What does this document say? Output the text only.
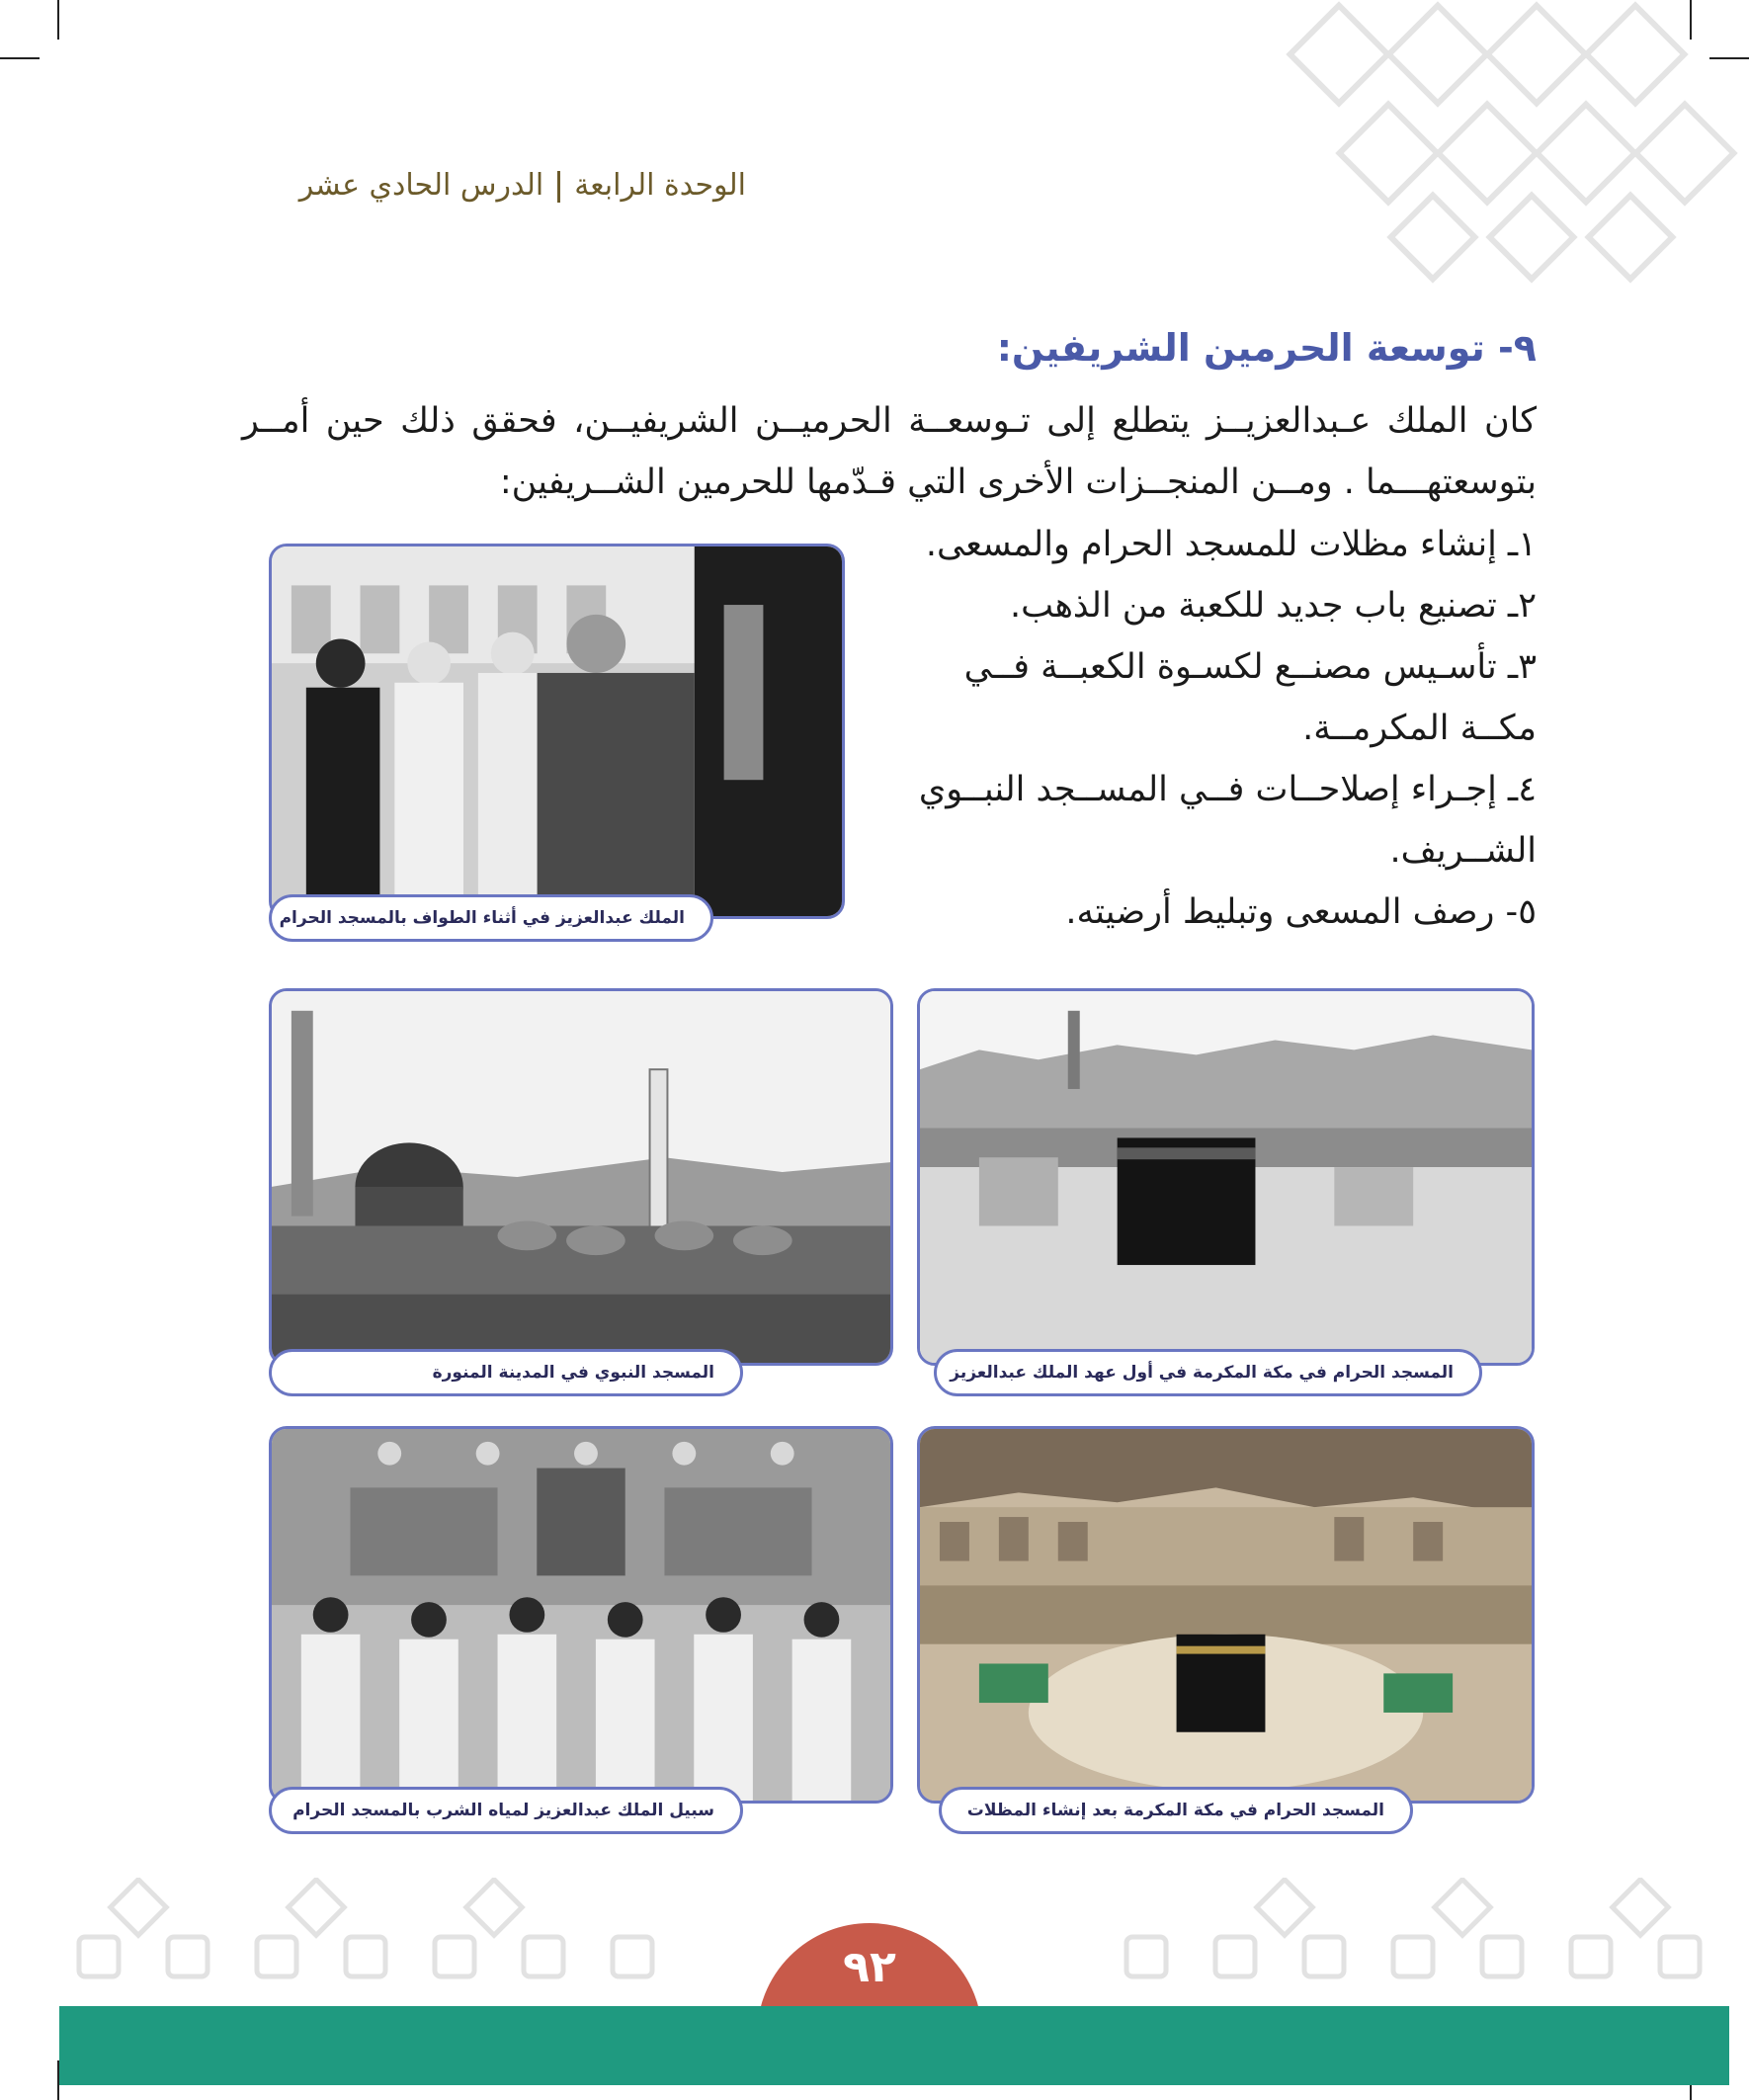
الوحدة الرابعةالدرس الحادي عشر
٩- توسعة الحرمين الشريفين:

كان الملك عـبدالعزيــز يتطلع إلى تـوسعــة الحرميــن الشريفيــن، فحقق ذلك حين أمــر بتوسعتهـــما . ومــن المنجــزات الأخرى التي قـدّمها للحرمين الشــريفين:

١ـ إنشاء مظلات للمسجد الحرام والمسعى.
٢ـ تصنيع باب جديد للكعبة من الذهب.
٣ـ تأسـيس مصنــع لكسـوة الكعبــة فــي مكــة المكرمــة.
٤ـ إجـراء إصلاحــات فــي المســجد النبــوي الشــريف.
٥- رصف المسعى وتبليط أرضيته.
الملك عبدالعزيز في أثناء الطواف بالمسجد الحرام
المسجد الحرام في مكة المكرمة في أول عهد الملك عبدالعزيز
المسجد النبوي في المدينة المنورة
المسجد الحرام في مكة المكرمة بعد إنشاء المظلات
سبيل الملك عبدالعزيز لمياه الشرب بالمسجد الحرام
٩٢
